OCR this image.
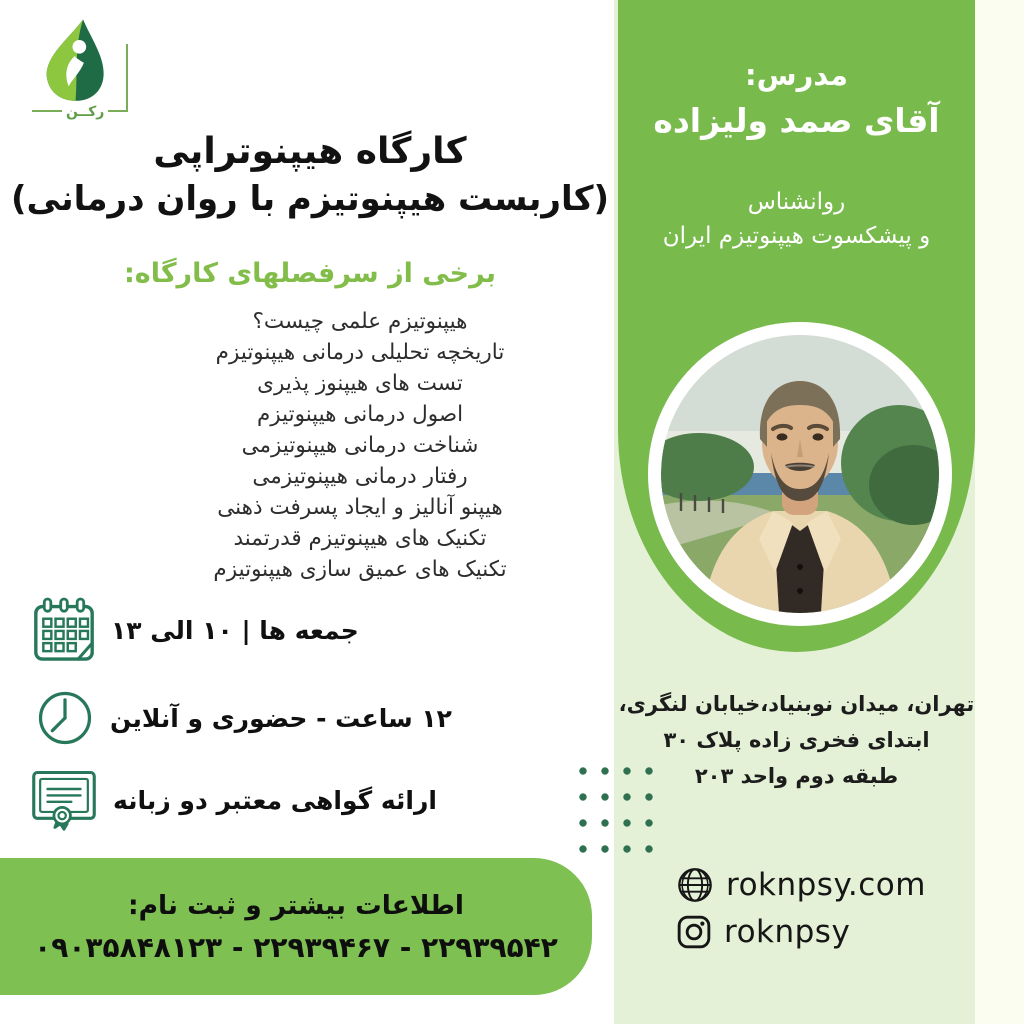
رکــن
کارگاه هیپنوتراپی
(کاربست هیپنوتیزم با روان درمانی)
برخی از سرفصلهای کارگاه:
هیپنوتیزم علمی چیست؟
تاریخچه تحلیلی درمانی هیپنوتیزم
تست های هیپنوز پذیری
اصول درمانی هیپنوتیزم
شناخت درمانی هیپنوتیزمی
رفتار درمانی هیپنوتیزمی
هیپنو آنالیز و ایجاد پسرفت ذهنی
تکنیک های هیپنوتیزم قدرتمند
تکنیک های عمیق سازی هیپنوتیزم
جمعه ها | ۱۰ الی ۱۳
۱۲ ساعت - حضوری و آنلاین
ارائه گواهی معتبر دو زبانه
اطلاعات بیشتر و ثبت نام:
۲۲۹۳۹۵۴۲ - ۲۲۹۳۹۴۶۷ - ۰۹۰۳۵۸۴۸۱۲۳
مدرس:
آقای صمد ولیزاده
روانشناس
و پیشکسوت هیپنوتیزم ایران
تهران، میدان نوبنیاد،خیابان لنگری،
ابتدای فخری زاده پلاک ۳۰
طبقه دوم واحد ۲۰۳
roknpsy.com
roknpsy
